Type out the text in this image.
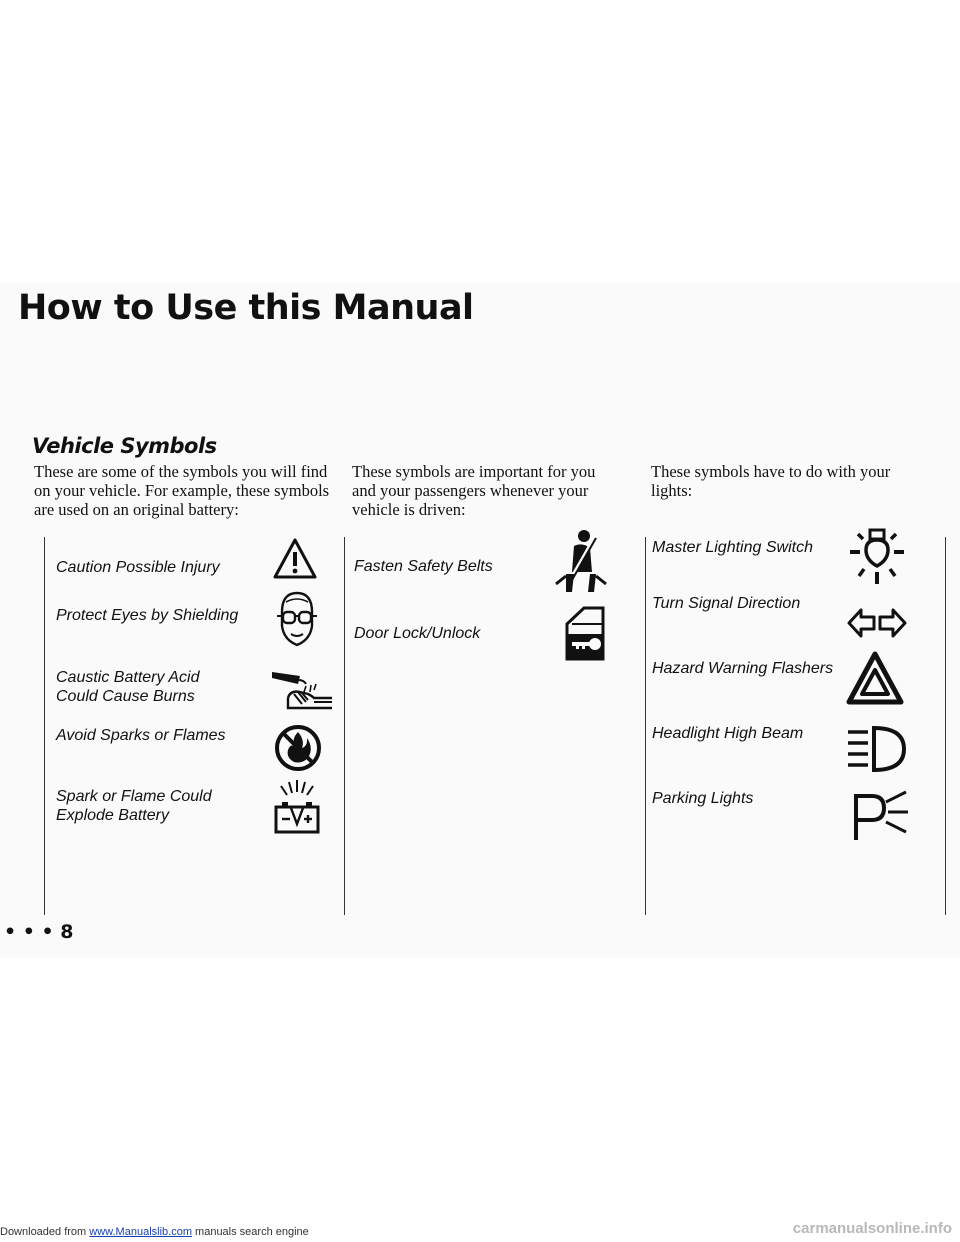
How to Use this Manual
Vehicle Symbols

These are some of the symbols you will find on your vehicle. For example, these symbols are used on an original battery:

These symbols are important for you and your passengers whenever your vehicle is driven:

These symbols have to do with your lights:

Caution Possible Injury

Protect Eyes by Shielding

Caustic Battery Acid Could Cause Burns

Avoid Sparks or Flames

Spark or Flame Could Explode Battery

Fasten Safety Belts

Door Lock/Unlock

Master Lighting Switch

Turn Signal Direction

Hazard Warning Flashers

Headlight High Beam

Parking Lights

• • • 8

Downloaded from www.Manualslib.com manuals search engine	carmanualsonline.info
